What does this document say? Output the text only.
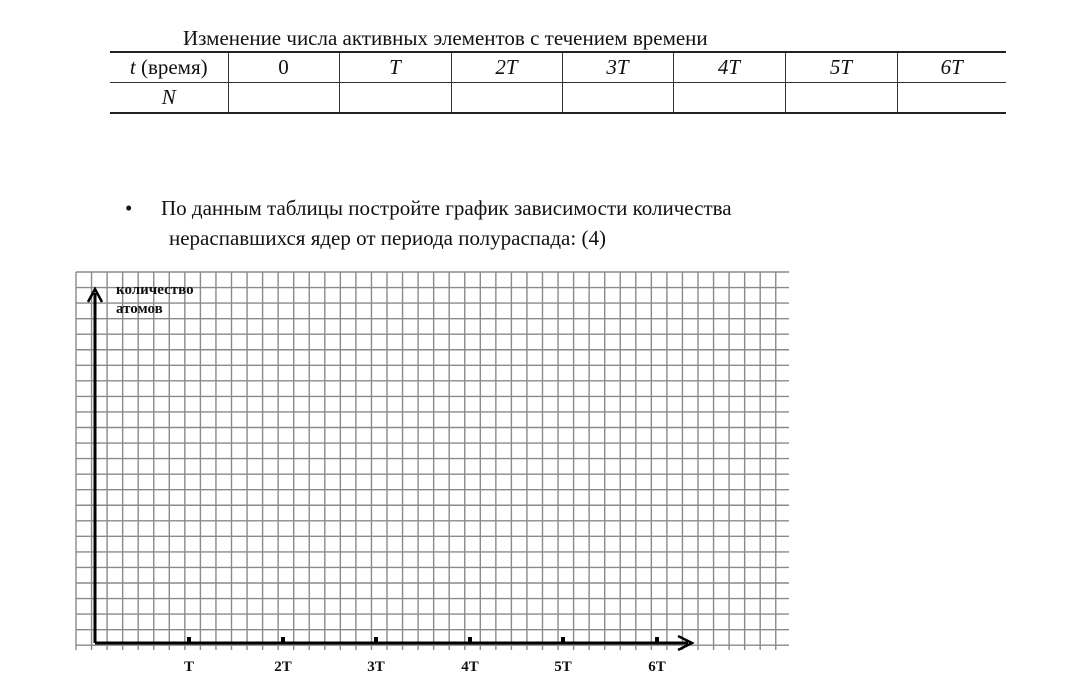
Изменение числа активных элементов с течением времени
t (время)	0	T	2T	3T	4T	5T	6T
N							
• По данным таблицы постройте график зависимости количества
нераспавшихся ядер от периода полураспада: (4)
T	2T	3T	4T	5T	6T
количество
атомов
